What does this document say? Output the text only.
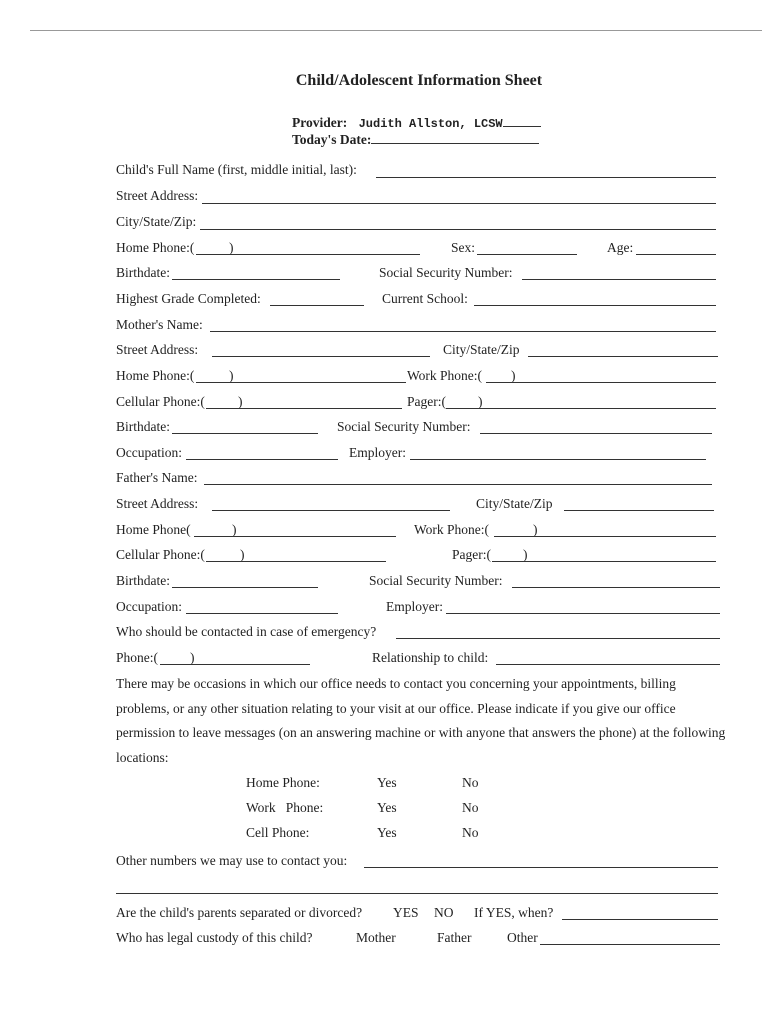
Child/Adolescent Information Sheet
Provider: Judith Allston, LCSW
Today's Date:
Child's Full Name (first, middle initial, last):
Street Address:
City/State/Zip:
Home Phone:(	)	Sex:	Age:
Birthdate:	Social Security Number:
Highest Grade Completed:	Current School:
Mother's Name:
Street Address:	City/State/Zip
Home Phone:(	)	Work Phone:( )
Cellular Phone:( )	Pager:( )
Birthdate:	Social Security Number:
Occupation:	Employer:
Father's Name:
Street Address:	City/State/Zip
Home Phone(	)	Work Phone:(	)
Cellular Phone:(	)	Pager:( )
Birthdate:	Social Security Number:
Occupation:	Employer:
Who should be contacted in case of emergency?
Phone:( )	Relationship to child:
There may be occasions in which our office needs to contact you concerning your appointments, billing problems, or any other situation relating to your visit at our office. Please indicate if you give our office permission to leave messages (on an answering machine or with anyone that answers the phone) at the following locations:
Home Phone:	Yes	No
Work   Phone:	Yes	No
Cell Phone:	Yes	No
Other numbers we may use to contact you:
Are the child's parents separated or divorced? YES NO If YES, when?
Who has legal custody of this child?	Mother	Father	Other
